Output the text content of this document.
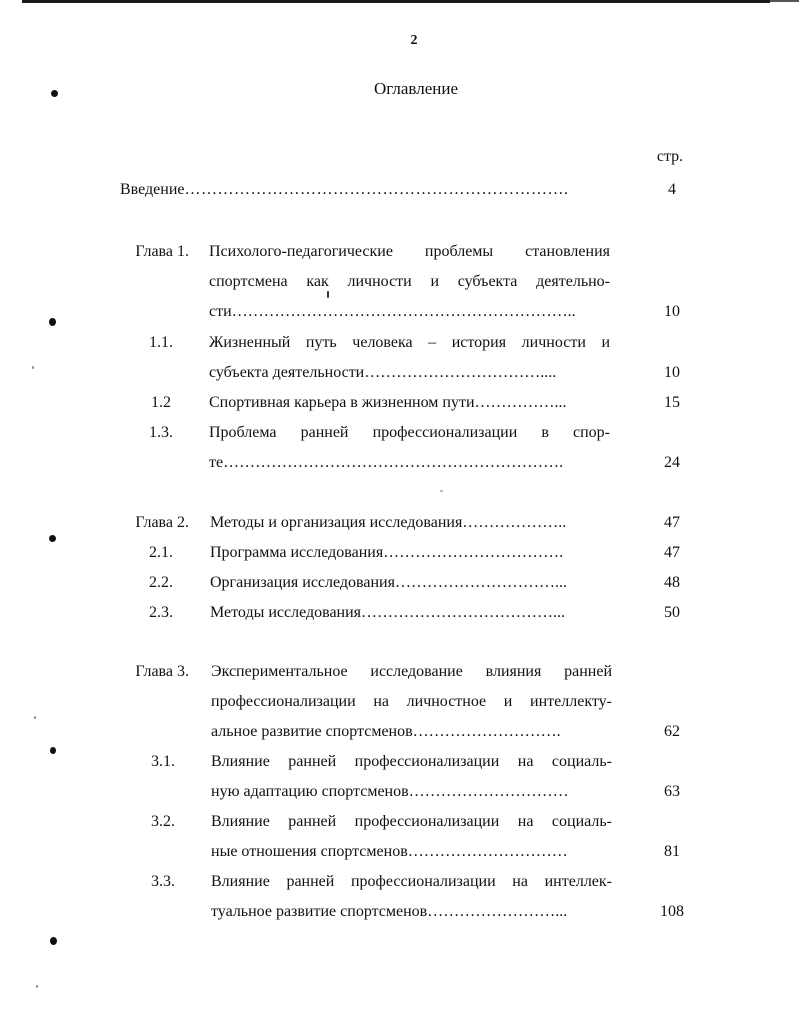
2
Оглавление
стр.
Введение…………………………………………………………….	4
Глава 1. Психолого-педагогические проблемы становления
спортсмена как личности и субъекта деятельно-
сти………………………………………………………..	10
1.1. Жизненный путь человека – история личности и
субъекта деятельности……………………………....	10
1.2 Спортивная карьера в жизненном пути……………...	15
1.3. Проблема ранней профессионализации в спор-
те……………………………………………………….	24
Глава 2. Методы и организация исследования………………..	47
2.1. Программа исследования…………………………….	47
2.2. Организация исследования…………………………...	48
2.3. Методы исследования………………………………...	50
Глава 3. Экспериментальное исследование влияния ранней
профессионализации на личностное и интеллекту-
альное развитие спортсменов……………………….	62
3.1. Влияние ранней профессионализации на социаль-
ную адаптацию спортсменов…………………………	63
3.2. Влияние ранней профессионализации на социаль-
ные отношения спортсменов…………………………	81
3.3. Влияние ранней профессионализации на интеллек-
туальное развитие спортсменов……………………...	108
